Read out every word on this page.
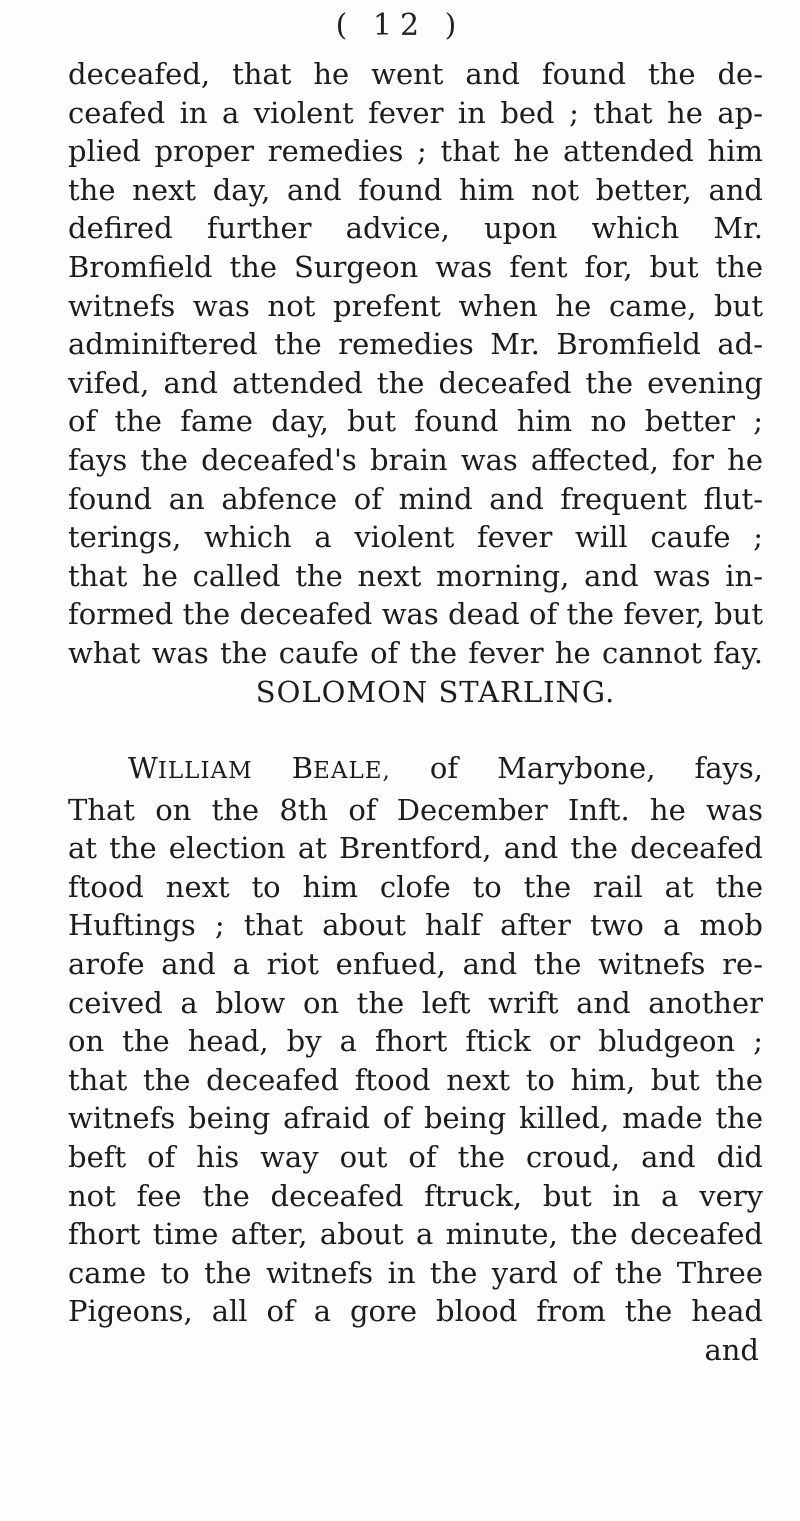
( 12 )
deceafed, that he went and found the de-
ceafed in a violent fever in bed ; that he ap-
plied proper remedies ; that he attended him
the next day, and found him not better, and
defired further advice, upon which Mr.
Bromfield the Surgeon was fent for, but the
witnefs was not prefent when he came, but
adminiftered the remedies Mr. Bromfield ad-
vifed, and attended the deceafed the evening
of the fame day, but found him no better ;
fays the deceafed's brain was affected, for he
found an abfence of mind and frequent flut-
terings, which a violent fever will caufe ;
that he called the next morning, and was in-
formed the deceafed was dead of the fever, but
what was the caufe of the fever he cannot fay.
SOLOMON STARLING.
WILLIAM BEALE, of Marybone, fays,
That on the 8th of December Inft. he was
at the election at Brentford, and the deceafed
ftood next to him clofe to the rail at the
Huftings ; that about half after two a mob
arofe and a riot enfued, and the witnefs re-
ceived a blow on the left wrift and another
on the head, by a fhort ftick or bludgeon ;
that the deceafed ftood next to him, but the
witnefs being afraid of being killed, made the
beft of his way out of the croud, and did
not fee the deceafed ftruck, but in a very
fhort time after, about a minute, the deceafed
came to the witnefs in the yard of the Three
Pigeons, all of a gore blood from the head
and
